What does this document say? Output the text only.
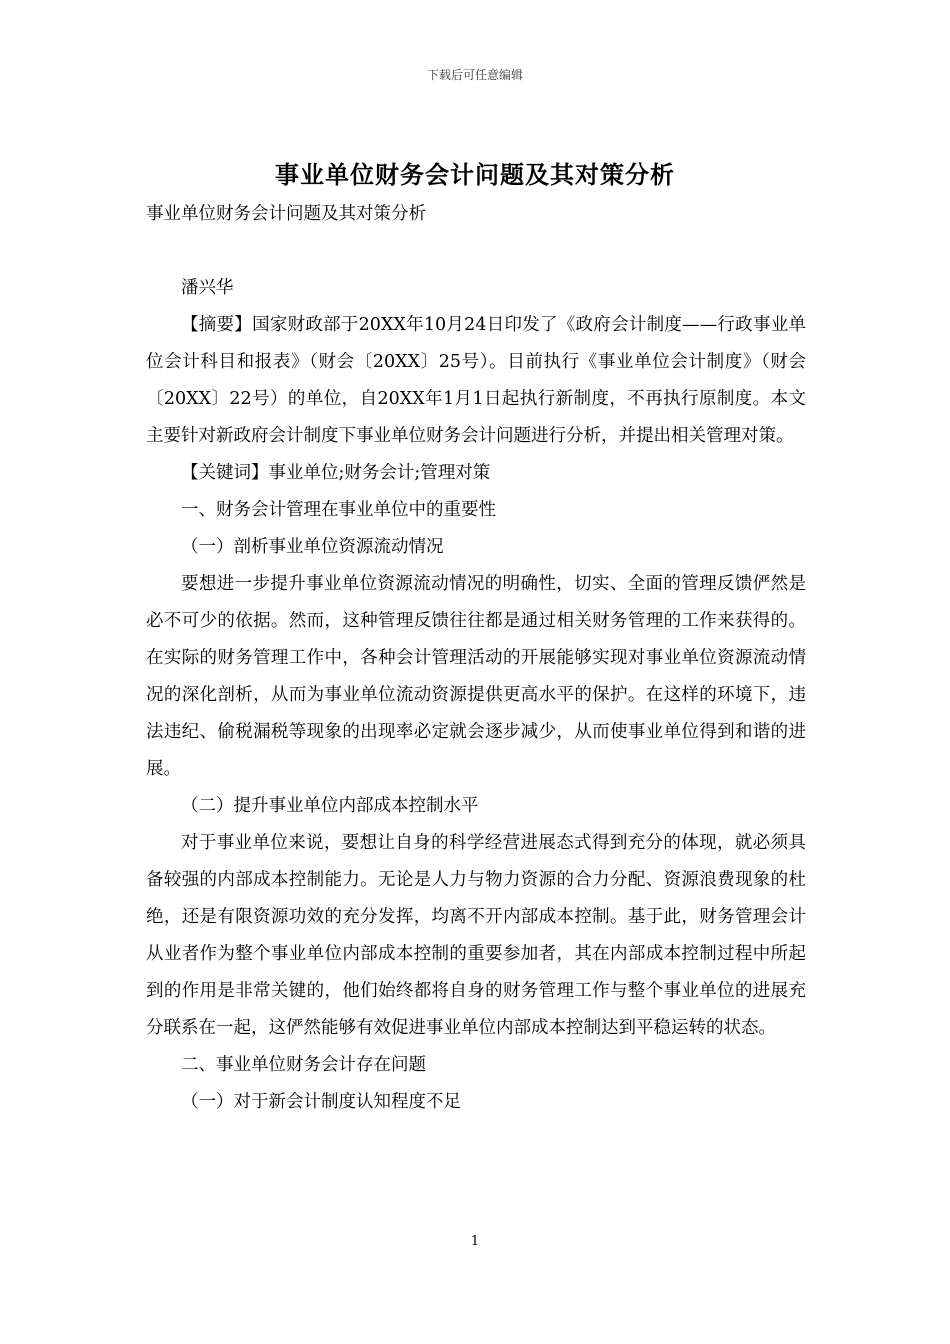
下载后可任意编辑
事业单位财务会计问题及其对策分析

事业单位财务会计问题及其对策分析

潘兴华

【摘要】国家财政部于20XX年10月24日印发了《政府会计制度——行政事业单位会计科目和报表》（财会〔20XX〕25号）。目前执行《事业单位会计制度》（财会〔20XX〕22号）的单位，自20XX年1月1日起执行新制度，不再执行原制度。本文主要针对新政府会计制度下事业单位财务会计问题进行分析，并提出相关管理对策。

【关键词】事业单位;财务会计;管理对策

一、财务会计管理在事业单位中的重要性

（一）剖析事业单位资源流动情况

要想进一步提升事业单位资源流动情况的明确性，切实、全面的管理反馈俨然是必不可少的依据。然而，这种管理反馈往往都是通过相关财务管理的工作来获得的。在实际的财务管理工作中，各种会计管理活动的开展能够实现对事业单位资源流动情况的深化剖析，从而为事业单位流动资源提供更高水平的保护。在这样的环境下，违法违纪、偷税漏税等现象的出现率必定就会逐步减少，从而使事业单位得到和谐的进展。

（二）提升事业单位内部成本控制水平

对于事业单位来说，要想让自身的科学经营进展态式得到充分的体现，就必须具备较强的内部成本控制能力。无论是人力与物力资源的合力分配、资源浪费现象的杜绝，还是有限资源功效的充分发挥，均离不开内部成本控制。基于此，财务管理会计从业者作为整个事业单位内部成本控制的重要参加者，其在内部成本控制过程中所起到的作用是非常关键的，他们始终都将自身的财务管理工作与整个事业单位的进展充分联系在一起，这俨然能够有效促进事业单位内部成本控制达到平稳运转的状态。

二、事业单位财务会计存在问题

（一）对于新会计制度认知程度不足

1
